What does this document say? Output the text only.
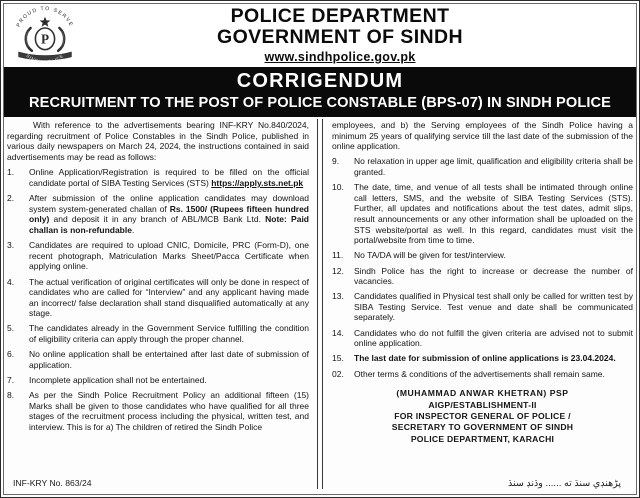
PROUD TO SERVE
P
SINDH POLICE
POLICE DEPARTMENT
GOVERNMENT OF SINDH
www.sindhpolice.gov.pk
CORRIGENDUM
RECRUITMENT TO THE POST OF POLICE CONSTABLE (BPS-07) IN SINDH POLICE

With reference to the advertisements bearing INF-KRY No.840/2024, regarding recruitment of Police Constables in the Sindh Police, published in various daily newspapers on March 24, 2024, the instructions contained in said advertisements may be read as follows:

1.	Online Application/Registration is required to be filled on the official candidate portal of SIBA Testing Services (STS) https://apply.sts.net.pk
2.	After submission of the online application candidates may download system system-generated challan of Rs. 1500/ (Rupees fifteen hundred only) and deposit it in any branch of ABL/MCB Bank Ltd. Note: Paid challan is non-refundable.
3.	Candidates are required to upload CNIC, Domicile, PRC (Form-D), one recent photograph, Matriculation Marks Sheet/Pacca Certificate when applying online.
4.	The actual verification of original certificates will only be done in respect of candidates who are called for “Interview” and any applicant having made an incorrect/ false declaration shall stand disqualified automatically at any stage.
5.	The candidates already in the Government Service fulfilling the condition of eligibility criteria can apply through the proper channel.
6.	No online application shall be entertained after last date of submission of application.
7.	Incomplete application shall not be entertained.
8.	As per the Sindh Police Recruitment Policy an additional fifteen (15) Marks shall be given to those candidates who have qualified for all three stages of the recruitment process including the physical, written test, and interview. This is for a) The children of retired the Sindh Police

employees, and b) the Serving employees of the Sindh Police having a minimum 25 years of qualifying service till the last date of the submission of the online application.

9.	No relaxation in upper age limit, qualification and eligibility criteria shall be granted.
10.	The date, time, and venue of all tests shall be intimated through online call letters, SMS, and the website of SIBA Testing Services (STS). Further, all updates and notifications about the test dates, admit slips, result announcements or any other information shall be uploaded on the STS website/portal as well. In this regard, candidates must visit the portal/website from time to time.
11.	No TA/DA will be given for test/interview.
12.	Sindh Police has the right to increase or decrease the number of vacancies.
13.	Candidates qualified in Physical test shall only be called for written test by SIBA Testing Service. Test venue and date shall be communicated separately.
14.	Candidates who do not fulfill the given criteria are advised not to submit online application.
15.	The last date for submission of online applications is 23.04.2024.
02.	Other terms & conditions of the advertisements shall remain same.
(MUHAMMAD ANWAR KHETRAN) PSP
AIGP/ESTABLISHMENT-II
FOR INSPECTOR GENERAL OF POLICE /
SECRETARY TO GOVERNMENT OF SINDH
POLICE DEPARTMENT, KARACHI
INF-KRY No. 863/24	پڑهنڊي سنڌ ته ...... وڌنڊ سنڌ
